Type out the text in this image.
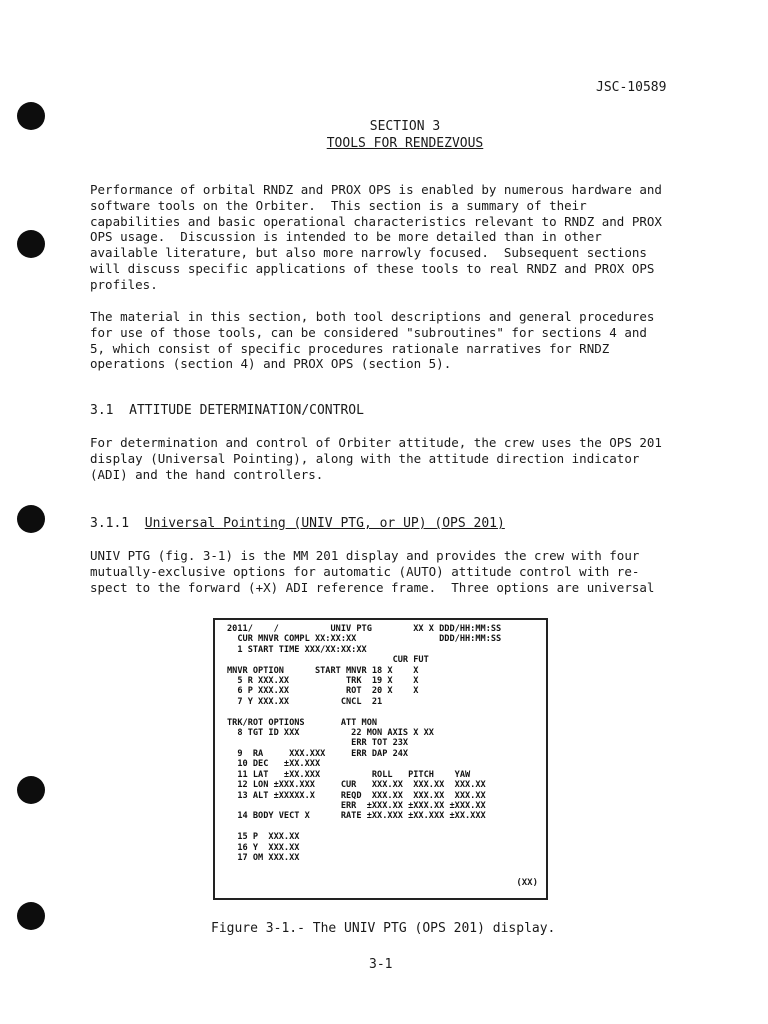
JSC-10589
SECTION 3
TOOLS FOR RENDEZVOUS

Performance of orbital RNDZ and PROX OPS is enabled by numerous hardware and
software tools on the Orbiter.  This section is a summary of their
capabilities and basic operational characteristics relevant to RNDZ and PROX
OPS usage.  Discussion is intended to be more detailed than in other
available literature, but also more narrowly focused.  Subsequent sections
will discuss specific applications of these tools to real RNDZ and PROX OPS
profiles.

The material in this section, both tool descriptions and general procedures
for use of those tools, can be considered "subroutines" for sections 4 and
5, which consist of specific procedures rationale narratives for RNDZ
operations (section 4) and PROX OPS (section 5).

3.1  ATTITUDE DETERMINATION/CONTROL

For determination and control of Orbiter attitude, the crew uses the OPS 201
display (Universal Pointing), along with the attitude direction indicator
(ADI) and the hand controllers.

3.1.1  Universal Pointing (UNIV PTG, or UP) (OPS 201)

UNIV PTG (fig. 3-1) is the MM 201 display and provides the crew with four
mutually-exclusive options for automatic (AUTO) attitude control with re-
spect to the forward (+X) ADI reference frame.  Three options are universal

2011/    /          UNIV PTG        XX X DDD/HH:MM:SS
CUR MNVR COMPL XX:XX:XX                DDD/HH:MM:SS
1 START TIME XXX/XX:XX:XX
CUR FUT
MNVR OPTION      START MNVR 18 X    X
5 R XXX.XX           TRK  19 X    X
6 P XXX.XX           ROT  20 X    X
7 Y XXX.XX          CNCL  21

TRK/ROT OPTIONS       ATT MON
8 TGT ID XXX          22 MON AXIS X XX
ERR TOT 23X
9  RA     XXX.XXX     ERR DAP 24X
10 DEC   ±XX.XXX
11 LAT   ±XX.XXX          ROLL   PITCH    YAW
12 LON ±XXX.XXX     CUR   XXX.XX  XXX.XX  XXX.XX
13 ALT ±XXXXX.X     REQD  XXX.XX  XXX.XX  XXX.XX
ERR  ±XXX.XX ±XXX.XX ±XXX.XX
14 BODY VECT X      RATE ±XX.XXX ±XX.XXX ±XX.XXX

15 P  XXX.XX
16 Y  XXX.XX
17 OM XXX.XX

(XX)
Figure 3-1.- The UNIV PTG (OPS 201) display.
3-1
